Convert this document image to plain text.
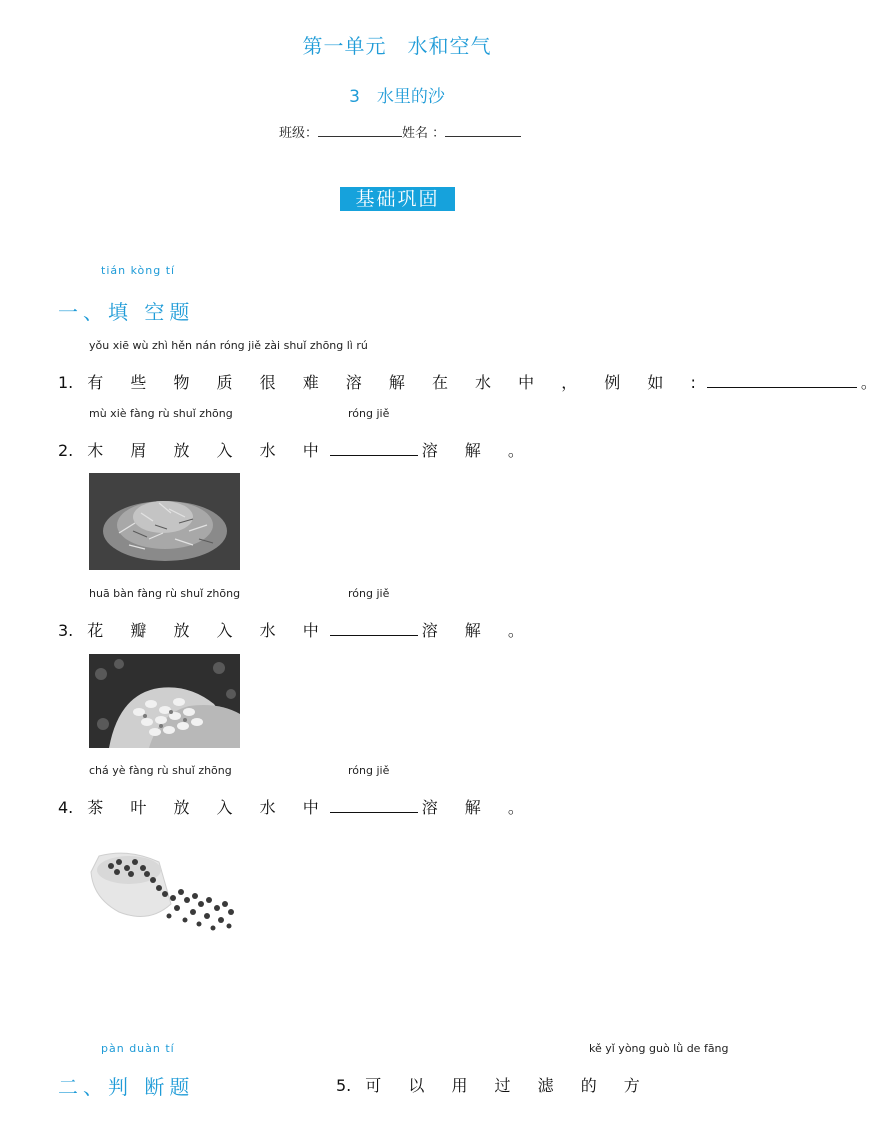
第一单元　水和空气
3　水里的沙
班级：	姓名 ：
基础巩固
tián kòng tí
一、填 空题
yǒu xiē wù zhì hěn nán róng jiě zài shuǐ zhōng lì rú
1. 有 些 物 质 很 难 溶 解 在 水 中 ， 例 如 :	。
mù xiè fàng rù shuǐ zhōng	róng jiě
2. 木 屑 放 入 水 中	溶 解 。
huā bàn fàng rù shuǐ zhōng	róng jiě
3. 花 瓣 放 入 水 中	溶 解 。
chá yè fàng rù shuǐ zhōng	róng jiě
4. 茶 叶 放 入 水 中	溶 解 。
pàn duàn tí
二、判 断题
kě yǐ yòng guò lǜ de fāng
5. 可 以 用 过 滤 的 方
